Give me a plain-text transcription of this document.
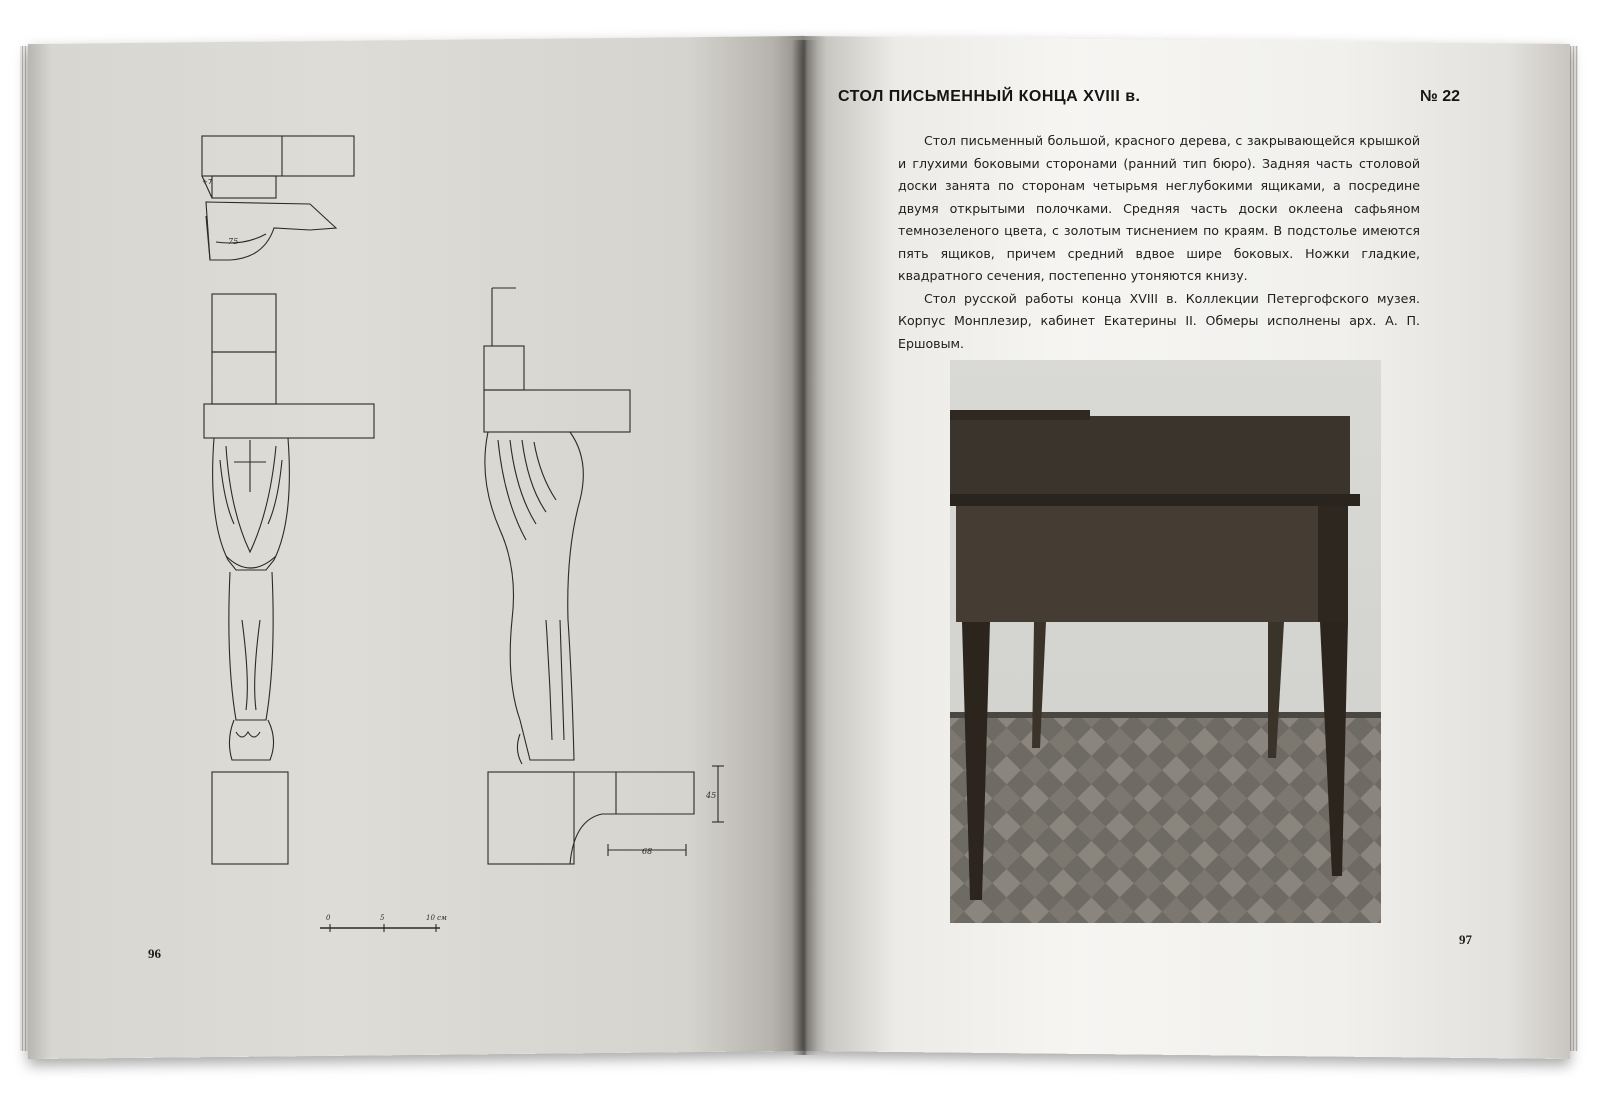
+7
75
45
68
0	5	10 см
96
СТОЛ ПИСЬМЕННЫЙ КОНЦА XVIII в.	№ 22

Стол письменный большой, красного дерева, с закрывающейся крышкой и глухими боковыми сторонами (ранний тип бюро). Задняя часть столовой доски занята по сторонам четырьмя неглубокими ящиками, а посредине двумя открытыми полочками. Средняя часть доски оклеена сафьяном темнозеленого цвета, с золотым тиснением по краям. В подстолье имеются пять ящиков, причем средний вдвое шире боковых. Ножки гладкие, квадратного сечения, постепенно утоняются книзу.

Стол русской работы конца XVIII в. Коллекции Петергофского музея. Корпус Монплезир, кабинет Екатерины II. Обмеры исполнены арх. А. П. Ершовым.

97
